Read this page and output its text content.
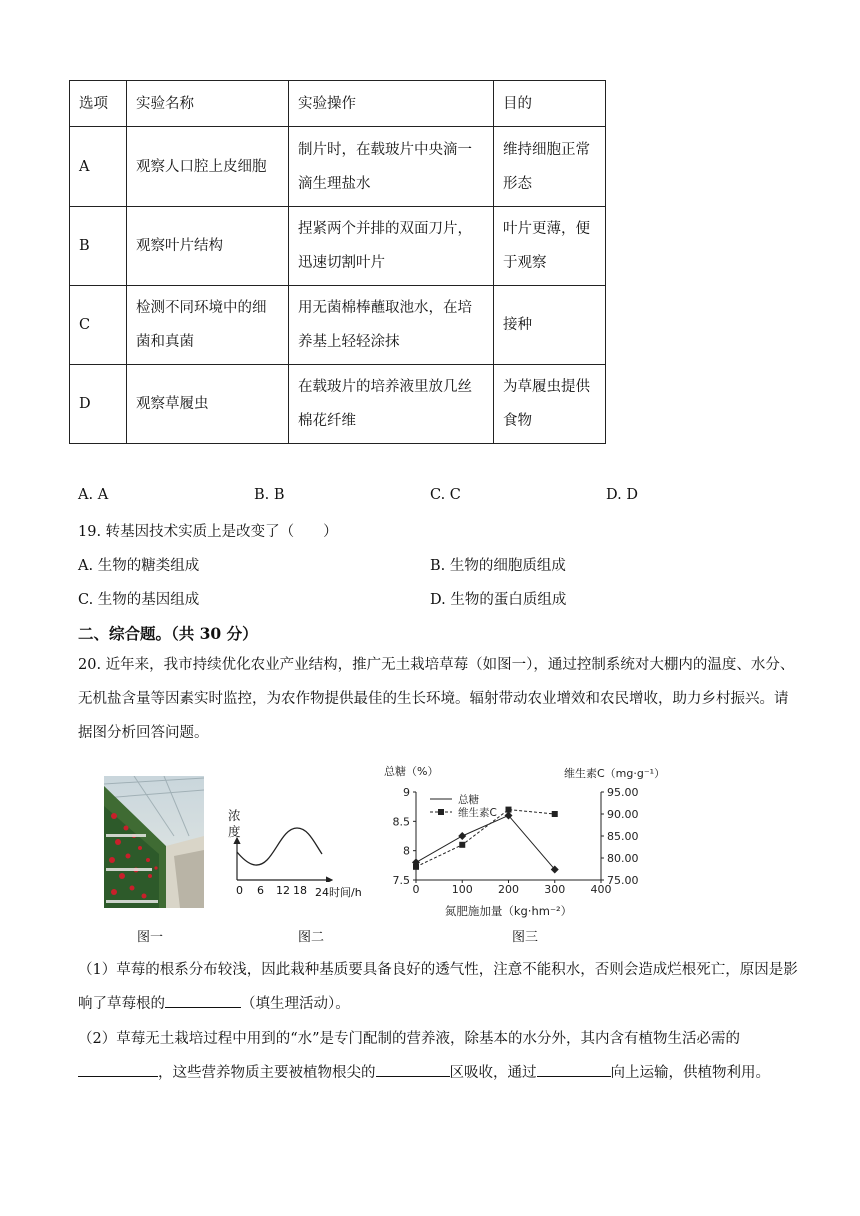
选项	实验名称	实验操作	目的
A	观察人口腔上皮细胞	制片时，在载玻片中央滴一滴生理盐水	维持细胞正常形态
B	观察叶片结构	捏紧两个并排的双面刀片，迅速切割叶片	叶片更薄，便于观察
C	检测不同环境中的细菌和真菌	用无菌棉棒蘸取池水，在培养基上轻轻涂抹	接种
D	观察草履虫	在载玻片的培养液里放几丝棉花纤维	为草履虫提供食物
A. A	B. B	C. C	D. D
19. 转基因技术实质上是改变了（　　）
A. 生物的糖类组成	B. 生物的细胞质组成
C. 生物的基因组成	D. 生物的蛋白质组成
二、综合题。（共 30 分）
20. 近年来，我市持续优化农业产业结构，推广无土栽培草莓（如图一），通过控制系统对大棚内的温度、水分、无机盐含量等因素实时监控，为农作物提供最佳的生长环境。辐射带动农业增效和农民增收，助力乡村振兴。请据图分析回答问题。
图一
浓度
0 6 12 18 24时间/h
图二
总糖（%）	维生素C（mg·g⁻¹）
氮肥施加量（kg·hm⁻²）
7.5
8
8.5
9
75.00
80.00
85.00
90.00
95.00
0	100 200 300 400
总糖
维生素C
图三
（1）草莓的根系分布较浅，因此栽种基质要具备良好的透气性，注意不能积水，否则会造成烂根死亡，原因是影响了草莓根的	（填生理活动）。
（2）草莓无土栽培过程中用到的“水”是专门配制的营养液，除基本的水分外，其内含有植物生活必需的
，这些营养物质主要被植物根尖的	区吸收，通过	向上运输，供植物利用。
